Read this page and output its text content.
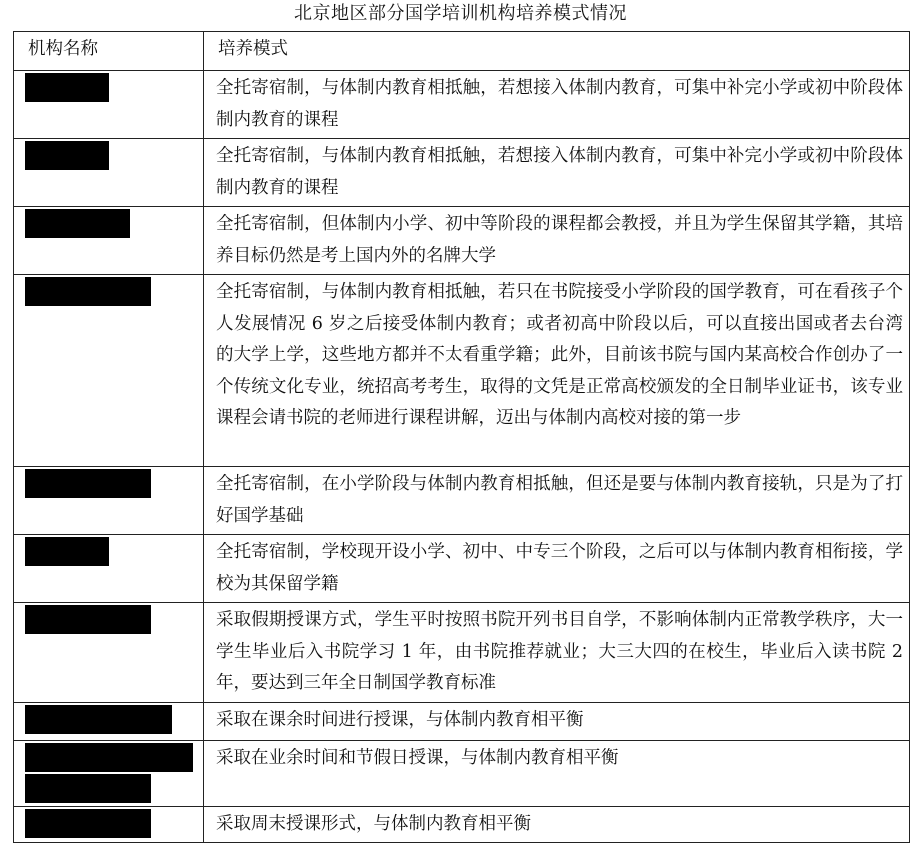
北京地区部分国学培训机构培养模式情况
机构名称	培养模式

	全托寄宿制，与体制内教育相抵触，若想接入体制内教育，可集中补完小学或初中阶段体制内教育的课程

	全托寄宿制，与体制内教育相抵触，若想接入体制内教育，可集中补完小学或初中阶段体制内教育的课程

	全托寄宿制，但体制内小学、初中等阶段的课程都会教授，并且为学生保留其学籍，其培养目标仍然是考上国内外的名牌大学

	全托寄宿制，与体制内教育相抵触，若只在书院接受小学阶段的国学教育，可在看孩子个人发展情况 6 岁之后接受体制内教育；或者初高中阶段以后，可以直接出国或者去台湾的大学上学，这些地方都并不太看重学籍；此外，目前该书院与国内某高校合作创办了一个传统文化专业，统招高考考生，取得的文凭是正常高校颁发的全日制毕业证书，该专业课程会请书院的老师进行课程讲解，迈出与体制内高校对接的第一步

	全托寄宿制，在小学阶段与体制内教育相抵触，但还是要与体制内教育接轨，只是为了打好国学基础

	全托寄宿制，学校现开设小学、初中、中专三个阶段，之后可以与体制内教育相衔接，学校为其保留学籍

	采取假期授课方式，学生平时按照书院开列书目自学，不影响体制内正常教学秩序，大一学生毕业后入书院学习 1 年，由书院推荐就业；大三大四的在校生，毕业后入读书院 2 年，要达到三年全日制国学教育标准

	采取在课余时间进行授课，与体制内教育相平衡

	采取在业余时间和节假日授课，与体制内教育相平衡

	采取周末授课形式，与体制内教育相平衡
